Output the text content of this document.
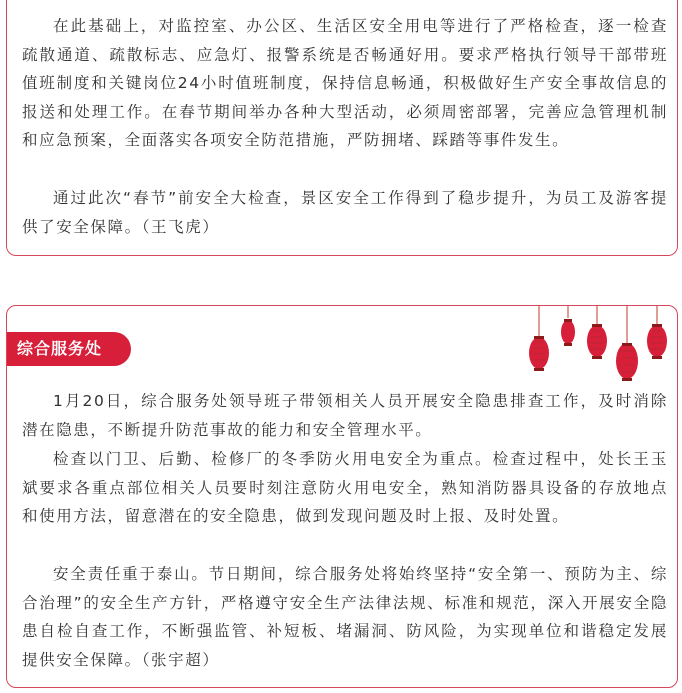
在此基础上，对监控室、办公区、生活区安全用电等进行了严格检查，逐一检查疏散通道、疏散标志、应急灯、报警系统是否畅通好用。要求严格执行领导干部带班值班制度和关键岗位24小时值班制度，保持信息畅通，积极做好生产安全事故信息的报送和处理工作。在春节期间举办各种大型活动，必须周密部署，完善应急管理机制和应急预案，全面落实各项安全防范措施，严防拥堵、踩踏等事件发生。

通过此次“春节”前安全大检查，景区安全工作得到了稳步提升，为员工及游客提供了安全保障。（王飞虎）

综合服务处

1月20日，综合服务处领导班子带领相关人员开展安全隐患排查工作，及时消除潜在隐患，不断提升防范事故的能力和安全管理水平。

检查以门卫、后勤、检修厂的冬季防火用电安全为重点。检查过程中，处长王玉斌要求各重点部位相关人员要时刻注意防火用电安全，熟知消防器具设备的存放地点和使用方法，留意潜在的安全隐患，做到发现问题及时上报、及时处置。

安全责任重于泰山。节日期间，综合服务处将始终坚持“安全第一、预防为主、综合治理”的安全生产方针，严格遵守安全生产法律法规、标准和规范，深入开展安全隐患自检自查工作，不断强监管、补短板、堵漏洞、防风险，为实现单位和谐稳定发展提供安全保障。（张宇超）
